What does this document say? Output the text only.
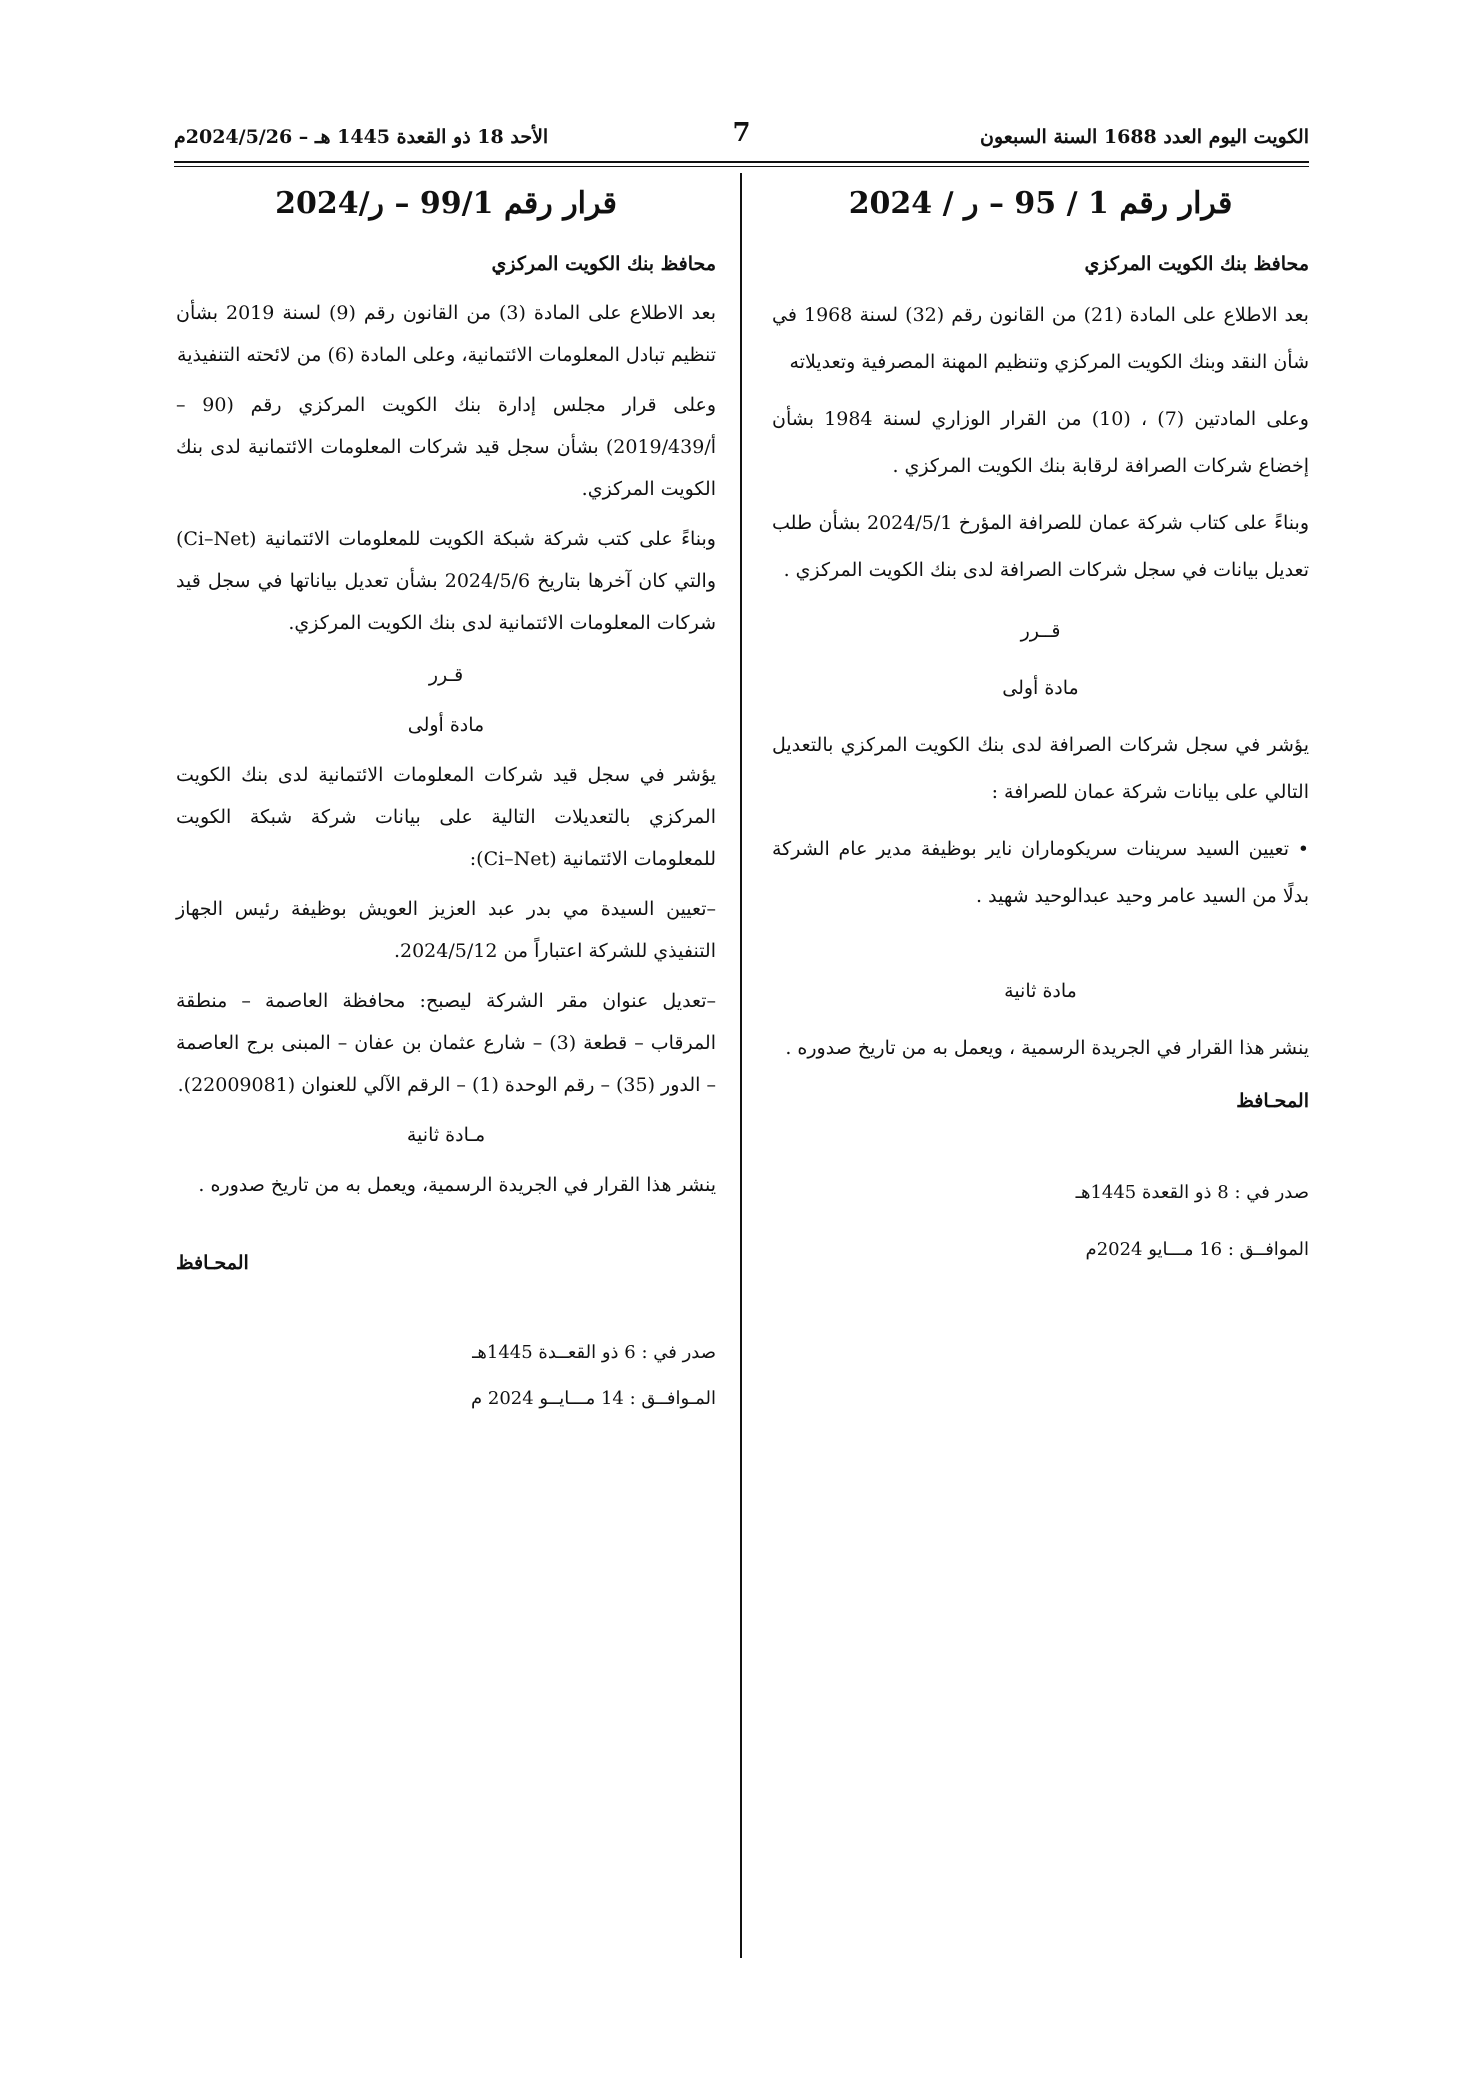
الكويت اليوم العدد 1688 السنة السبعون
7
الأحد 18 ذو القعدة 1445 هـ – 2024/5/26م
قرار رقم 1 / 95 – ر / 2024
محافظ بنك الكويت المركزي

بعد الاطلاع على المادة (21) من القانون رقم (32) لسنة 1968 في شأن النقد وبنك الكويت المركزي وتنظيم المهنة المصرفية وتعديلاته

وعلى المادتين (7) ، (10) من القرار الوزاري لسنة 1984 بشأن إخضاع شركات الصرافة لرقابة بنك الكويت المركزي .

وبناءً على كتاب شركة عمان للصرافة المؤرخ 2024/5/1 بشأن طلب تعديل بيانات في سجل شركات الصرافة لدى بنك الكويت المركزي .

قــرر

مادة أولى

يؤشر في سجل شركات الصرافة لدى بنك الكويت المركزي بالتعديل التالي على بيانات شركة عمان للصرافة :

• تعيين السيد سرينات سريكوماران ناير بوظيفة مدير عام الشركة بدلًا من السيد عامر وحيد عبدالوحيد شهيد .

مادة ثانية

ينشر هذا القرار في الجريدة الرسمية ، ويعمل به من تاريخ صدوره .

المحـافظ

صدر في : 8 ذو القعدة 1445هـ

الموافــق : 16 مـــايو 2024م

قرار رقم 99/1 – ر/2024
محافظ بنك الكويت المركزي

بعد الاطلاع على المادة (3) من القانون رقم (9) لسنة 2019 بشأن تنظيم تبادل المعلومات الائتمانية، وعلى المادة (6) من لائحته التنفيذية

وعلى قرار مجلس إدارة بنك الكويت المركزي رقم (90 – أ/2019/439) بشأن سجل قيد شركات المعلومات الائتمانية لدى بنك الكويت المركزي.

وبناءً على كتب شركة شبكة الكويت للمعلومات الائتمانية (Ci–Net) والتي كان آخرها بتاريخ 2024/5/6 بشأن تعديل بياناتها في سجل قيد شركات المعلومات الائتمانية لدى بنك الكويت المركزي.

قـرر

مادة أولى

يؤشر في سجل قيد شركات المعلومات الائتمانية لدى بنك الكويت المركزي بالتعديلات التالية على بيانات شركة شبكة الكويت للمعلومات الائتمانية (Ci–Net):

–تعيين السيدة مي بدر عبد العزيز العويش بوظيفة رئيس الجهاز التنفيذي للشركة اعتباراً من 2024/5/12.

–تعديل عنوان مقر الشركة ليصبح: محافظة العاصمة – منطقة المرقاب – قطعة (3) – شارع عثمان بن عفان – المبنى برج العاصمة – الدور (35) – رقم الوحدة (1) – الرقم الآلي للعنوان (22009081).

مـادة ثانية

ينشر هذا القرار في الجريدة الرسمية، ويعمل به من تاريخ صدوره .

المحـافظ

صدر في : 6 ذو القعــدة 1445هـ

المـوافــق : 14 مـــايــو 2024 م
